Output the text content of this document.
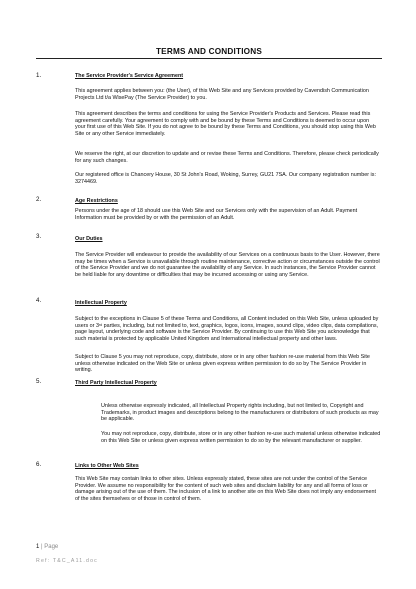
TERMS AND CONDITIONS
1.	The Service Provider's Service Agreement

This agreement applies between you: (the User), of this Web Site and any Services provided by Cavendish Communication Projects Ltd t/a WisePay (The Service Provider) to you.

This agreement describes the terms and conditions for using the Service Provider's Products and Services. Please read this agreement carefully. Your agreement to comply with and be bound by these Terms and Conditions is deemed to occur upon your first use of this Web Site. If you do not agree to be bound by these Terms and Conditions, you should stop using this Web Site or any other Service immediately.

We reserve the right, at our discretion to update and or revise these Terms and Conditions. Therefore, please check periodically for any such changes.

Our registered office is Chancery House, 30 St John's Road, Woking, Surrey, GU21 7SA. Our company registration number is: 3274469.

2.	Age Restrictions

Persons under the age of 18 should use this Web Site and our Services only with the supervision of an Adult. Payment Information must be provided by or with the permission of an Adult.

3.	Our Duties

The Service Provider will endeavour to provide the availability of our Services on a continuous basis to the User. However, there may be times when a Service is unavailable through routine maintenance, corrective action or circumstances outside the control of the Service Provider and we do not guarantee the availability of any Service. In such instances, the Service Provider cannot be held liable for any downtime or difficulties that may be incurred accessing or using any Service.

4.	Intellectual Property

Subject to the exceptions in Clause 5 of these Terms and Conditions, all Content included on this Web Site, unless uploaded by users or 3rd parties, including, but not limited to, text, graphics, logos, icons, images, sound clips, video clips, data compilations, page layout, underlying code and software is the Service Provider. By continuing to use this Web Site you acknowledge that such material is protected by applicable United Kingdom and International intellectual property and other laws.

Subject to Clause 5 you may not reproduce, copy, distribute, store or in any other fashion re-use material from this Web Site unless otherwise indicated on the Web Site or unless given express written permission to do so by The Service Provider in writing.

5.	Third Party Intellectual Property

Unless otherwise expressly indicated, all Intellectual Property rights including, but not limited to, Copyright and Trademarks, in product images and descriptions belong to the manufacturers or distributors of such products as may be applicable.

You may not reproduce, copy, distribute, store or in any other fashion re-use such material unless otherwise indicated on this Web Site or unless given express written permission to do so by the relevant manufacturer or supplier.

6.	Links to Other Web Sites

This Web Site may contain links to other sites. Unless expressly stated, these sites are not under the control of the Service Provider. We assume no responsibility for the content of such web sites and disclaim liability for any and all forms of loss or damage arising out of the use of them. The inclusion of a link to another site on this Web Site does not imply any endorsement of the sites themselves or of those in control of them.

1 | Page
Ref: T&C_A11.doc
